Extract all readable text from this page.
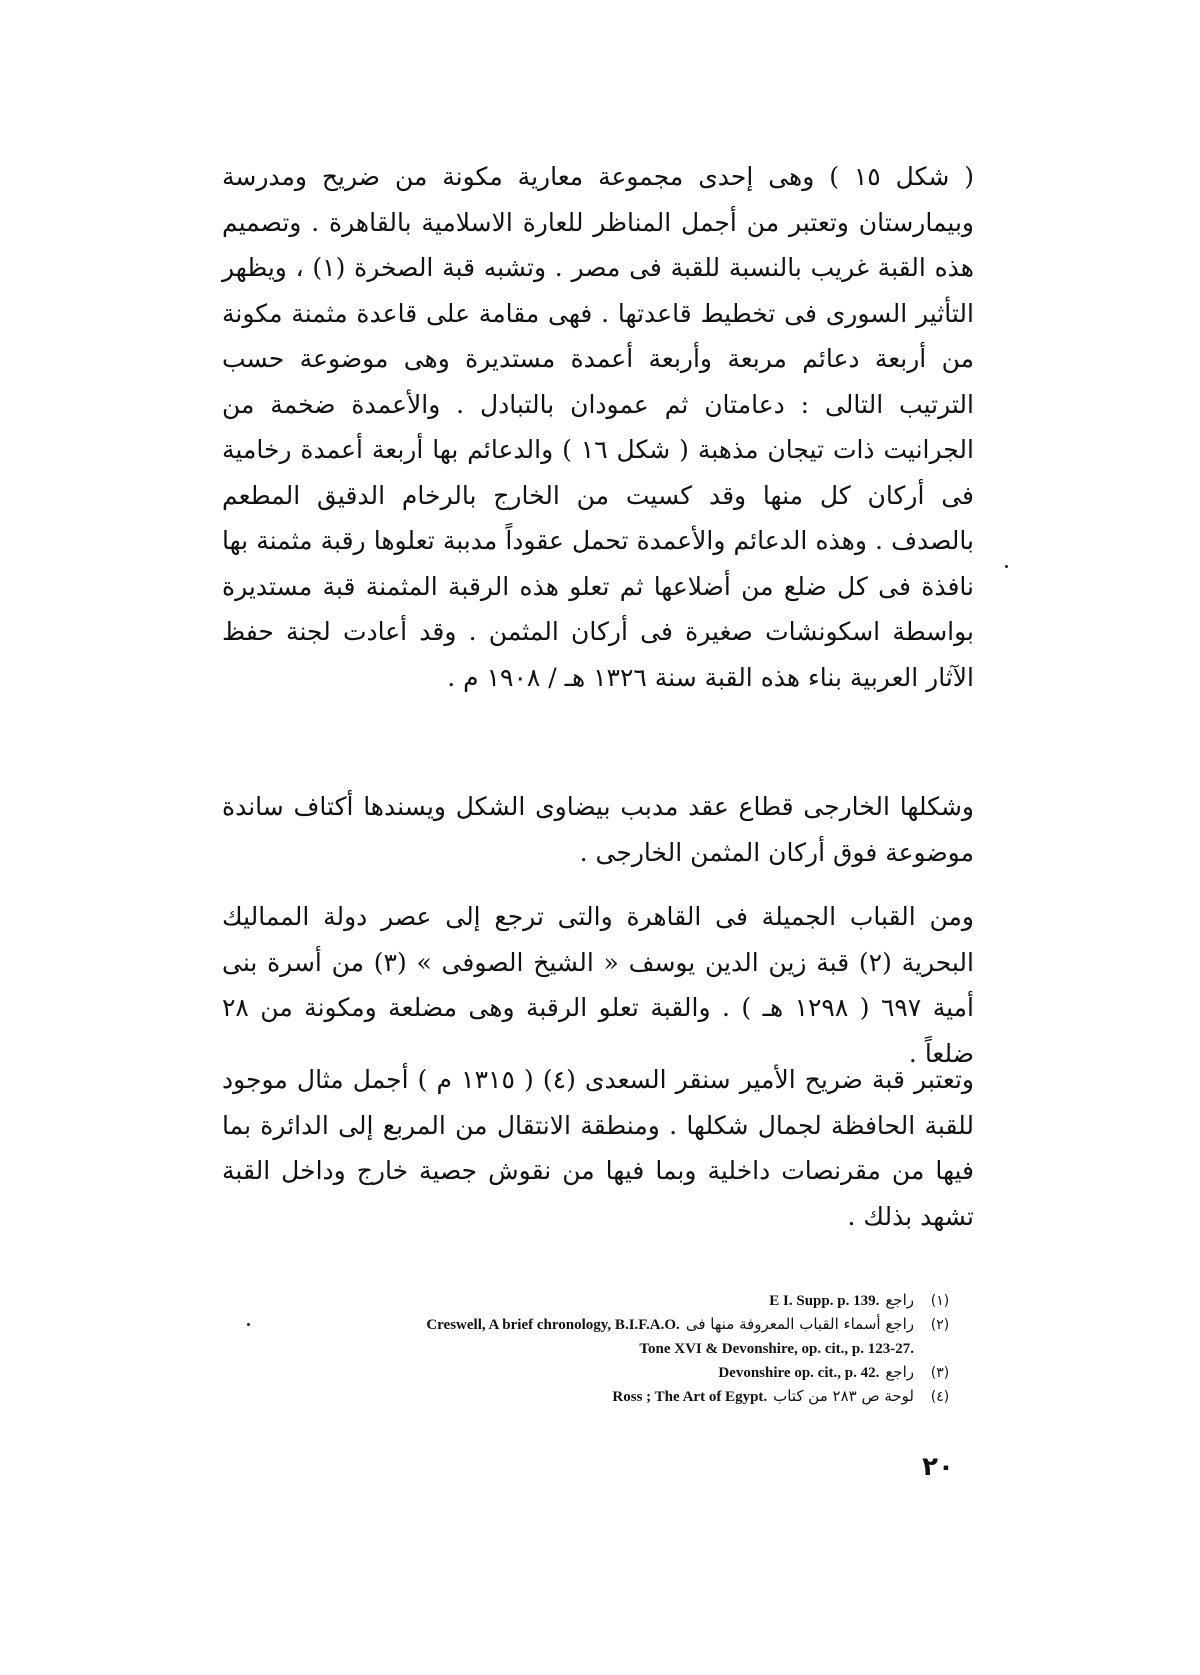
( شكل ١٥ ) وهى إحدى مجموعة معارية مكونة من ضريح ومدرسة وبيمارستان وتعتبر من أجمل المناظر للعارة الاسلامية بالقاهرة . وتصميم هذه القبة غريب بالنسبة للقبة فى مصر . وتشبه قبة الصخرة (١) ، ويظهر التأثير السورى فى تخطيط قاعدتها . فهى مقامة على قاعدة مثمنة مكونة من أربعة دعائم مربعة وأربعة أعمدة مستديرة وهى موضوعة حسب الترتيب التالى : دعامتان ثم عمودان بالتبادل . والأعمدة ضخمة من الجرانيت ذات تيجان مذهبة ( شكل ١٦ ) والدعائم بها أربعة أعمدة رخامية فى أركان كل منها وقد كسيت من الخارج بالرخام الدقيق المطعم بالصدف . وهذه الدعائم والأعمدة تحمل عقوداً مدببة تعلوها رقبة مثمنة بها نافذة فى كل ضلع من أضلاعها ثم تعلو هذه الرقبة المثمنة قبة مستديرة بواسطة اسكونشات صغيرة فى أركان المثمن . وقد أعادت لجنة حفظ الآثار العربية بناء هذه القبة سنة ١٣٢٦ هـ / ١٩٠٨ م .

وشكلها الخارجى قطاع عقد مدبب بيضاوى الشكل ويسندها أكتاف ساندة موضوعة فوق أركان المثمن الخارجى .

ومن القباب الجميلة فى القاهرة والتى ترجع إلى عصر دولة المماليك البحرية (٢) قبة زين الدين يوسف « الشيخ الصوفى » (٣) من أسرة بنى أمية ٦٩٧ ( ١٢٩٨ هـ ) . والقبة تعلو الرقبة وهى مضلعة ومكونة من ٢٨ ضلعاً .

وتعتبر قبة ضريح الأمير سنقر السعدى (٤) ( ١٣١٥ م ) أجمل مثال موجود للقبة الحافظة لجمال شكلها . ومنطقة الانتقال من المربع إلى الدائرة بما فيها من مقرنصات داخلية وبما فيها من نقوش جصية خارج وداخل القبة تشهد بذلك .

E I. Supp. p. 139. راجع (١)
Creswell, A brief chronology, B.I.F.A.O. راجع أسماء القباب المعروفة منها فى (٢)
Tone XVI & Devonshire, op. cit., p. 123-27.
Devonshire op. cit., p. 42. راجع (٣)
Ross ; The Art of Egypt. لوحة ص ٢٨٣ من كتاب (٤)
٢٠
